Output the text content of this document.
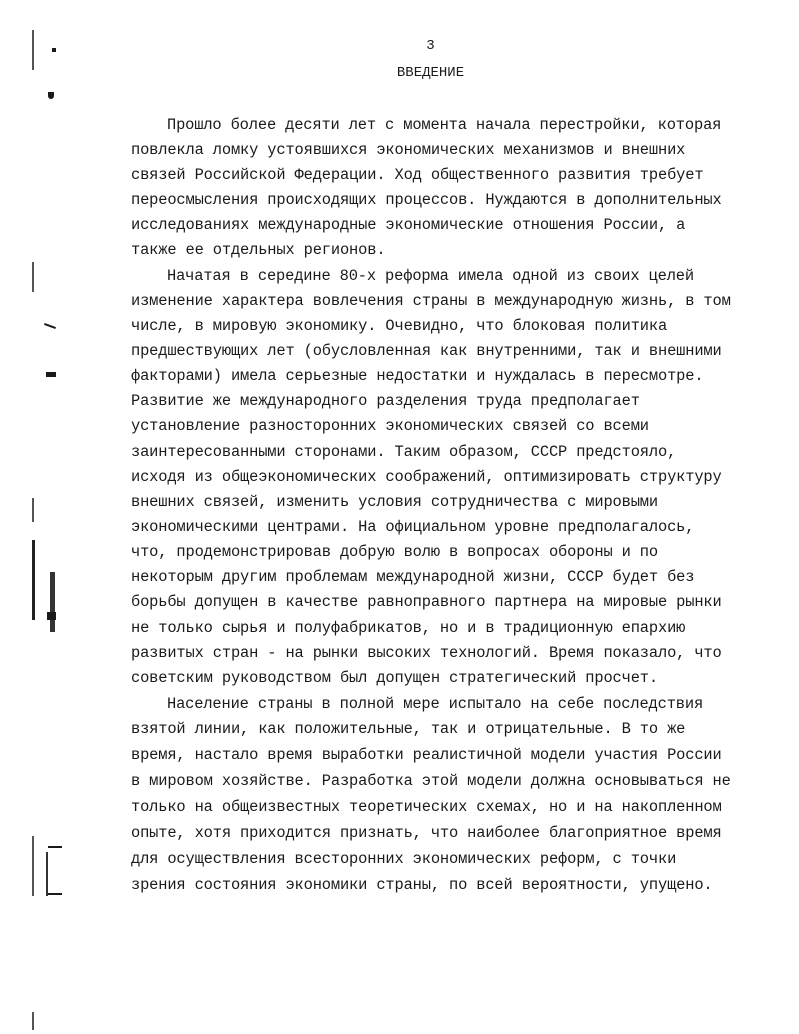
3
ВВЕДЕНИЕ
Прошло более десяти лет с момента начала перестройки, которая
повлекла ломку устоявшихся экономических механизмов и внешних
связей Российской Федерации. Ход общественного развития требует
переосмысления происходящих процессов. Нуждаются в дополнительных
исследованиях международные экономические отношения России, а
также ее отдельных регионов.
Начатая в середине 80-х реформа имела одной из своих целей
изменение характера вовлечения страны в международную жизнь, в том
числе, в мировую экономику. Очевидно, что блоковая политика
предшествующих лет (обусловленная как внутренними, так и внешними
факторами) имела серьезные недостатки и нуждалась в пересмотре.
Развитие же международного разделения труда предполагает
установление разносторонних экономических связей со всеми
заинтересованными сторонами. Таким образом, СССР предстояло,
исходя из общеэкономических соображений, оптимизировать структуру
внешних связей, изменить условия сотрудничества с мировыми
экономическими центрами. На официальном уровне предполагалось,
что, продемонстрировав добрую волю в вопросах обороны и по
некоторым другим проблемам международной жизни, СССР будет без
борьбы допущен в качестве равноправного партнера на мировые рынки
не только сырья и полуфабрикатов, но и в традиционную епархию
развитых стран - на рынки высоких технологий. Время показало, что
советским руководством был допущен стратегический просчет.
Население страны в полной мере испытало на себе последствия
взятой линии, как положительные, так и отрицательные. В то же
время, настало время выработки реалистичной модели участия России
в мировом хозяйстве. Разработка этой модели должна основываться не
только на общеизвестных теоретических схемах, но и на накопленном
опыте, хотя приходится признать, что наиболее благоприятное время
для осуществления всесторонних экономических реформ, с точки
зрения состояния экономики страны, по всей вероятности, упущено.
